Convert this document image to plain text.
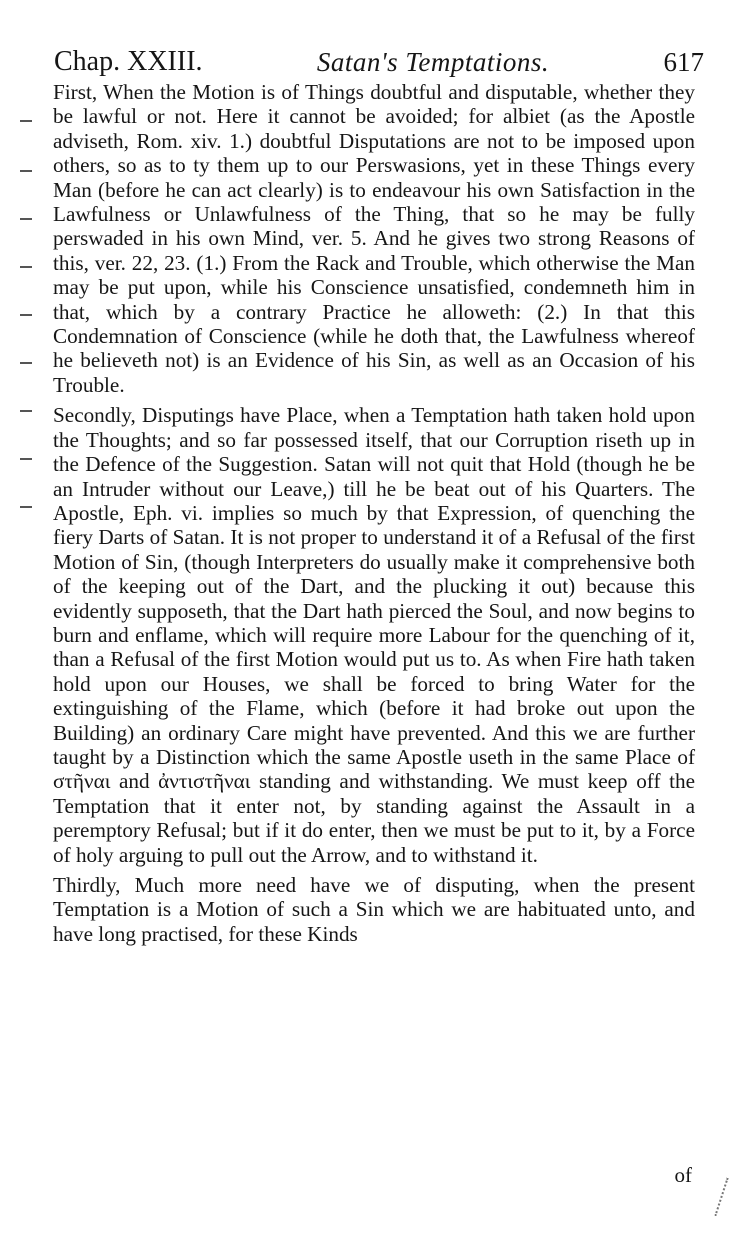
Chap. XXIII.	Satan's Temptations.	617

First, When the Motion is of Things doubtful and disputable, whether they be lawful or not. Here it cannot be avoided; for albiet (as the Apostle adviseth, Rom. xiv. 1.) doubtful Disputations are not to be imposed upon others, so as to ty them up to our Perswasions, yet in these Things every Man (before he can act clearly) is to endeavour his own Satisfaction in the Lawfulness or Unlawfulness of the Thing, that so he may be fully perswaded in his own Mind, ver. 5. And he gives two strong Reasons of this, ver. 22, 23. (1.) From the Rack and Trouble, which otherwise the Man may be put upon, while his Conscience unsatisfied, condemneth him in that, which by a contrary Practice he alloweth: (2.) In that this Condemnation of Conscience (while he doth that, the Lawfulness whereof he believeth not) is an Evidence of his Sin, as well as an Occasion of his Trouble.

Secondly, Disputings have Place, when a Temptation hath taken hold upon the Thoughts; and so far possessed itself, that our Corruption riseth up in the Defence of the Suggestion. Satan will not quit that Hold (though he be an Intruder without our Leave,) till he be beat out of his Quarters. The Apostle, Eph. vi. implies so much by that Expression, of quenching the fiery Darts of Satan. It is not proper to understand it of a Refusal of the first Motion of Sin, (though Interpreters do usually make it comprehensive both of the keeping out of the Dart, and the plucking it out) because this evidently supposeth, that the Dart hath pierced the Soul, and now begins to burn and enflame, which will require more Labour for the quenching of it, than a Refusal of the first Motion would put us to. As when Fire hath taken hold upon our Houses, we shall be forced to bring Water for the extinguishing of the Flame, which (before it had broke out upon the Building) an ordinary Care might have prevented. And this we are further taught by a Distinction which the same Apostle useth in the same Place of στῆναι and ἀντιστῆναι standing and withstanding. We must keep off the Temptation that it enter not, by standing against the Assault in a peremptory Refusal; but if it do enter, then we must be put to it, by a Force of holy arguing to pull out the Arrow, and to withstand it.

Thirdly, Much more need have we of disputing, when the present Temptation is a Motion of such a Sin which we are habituated unto, and have long practised, for these Kinds

of
